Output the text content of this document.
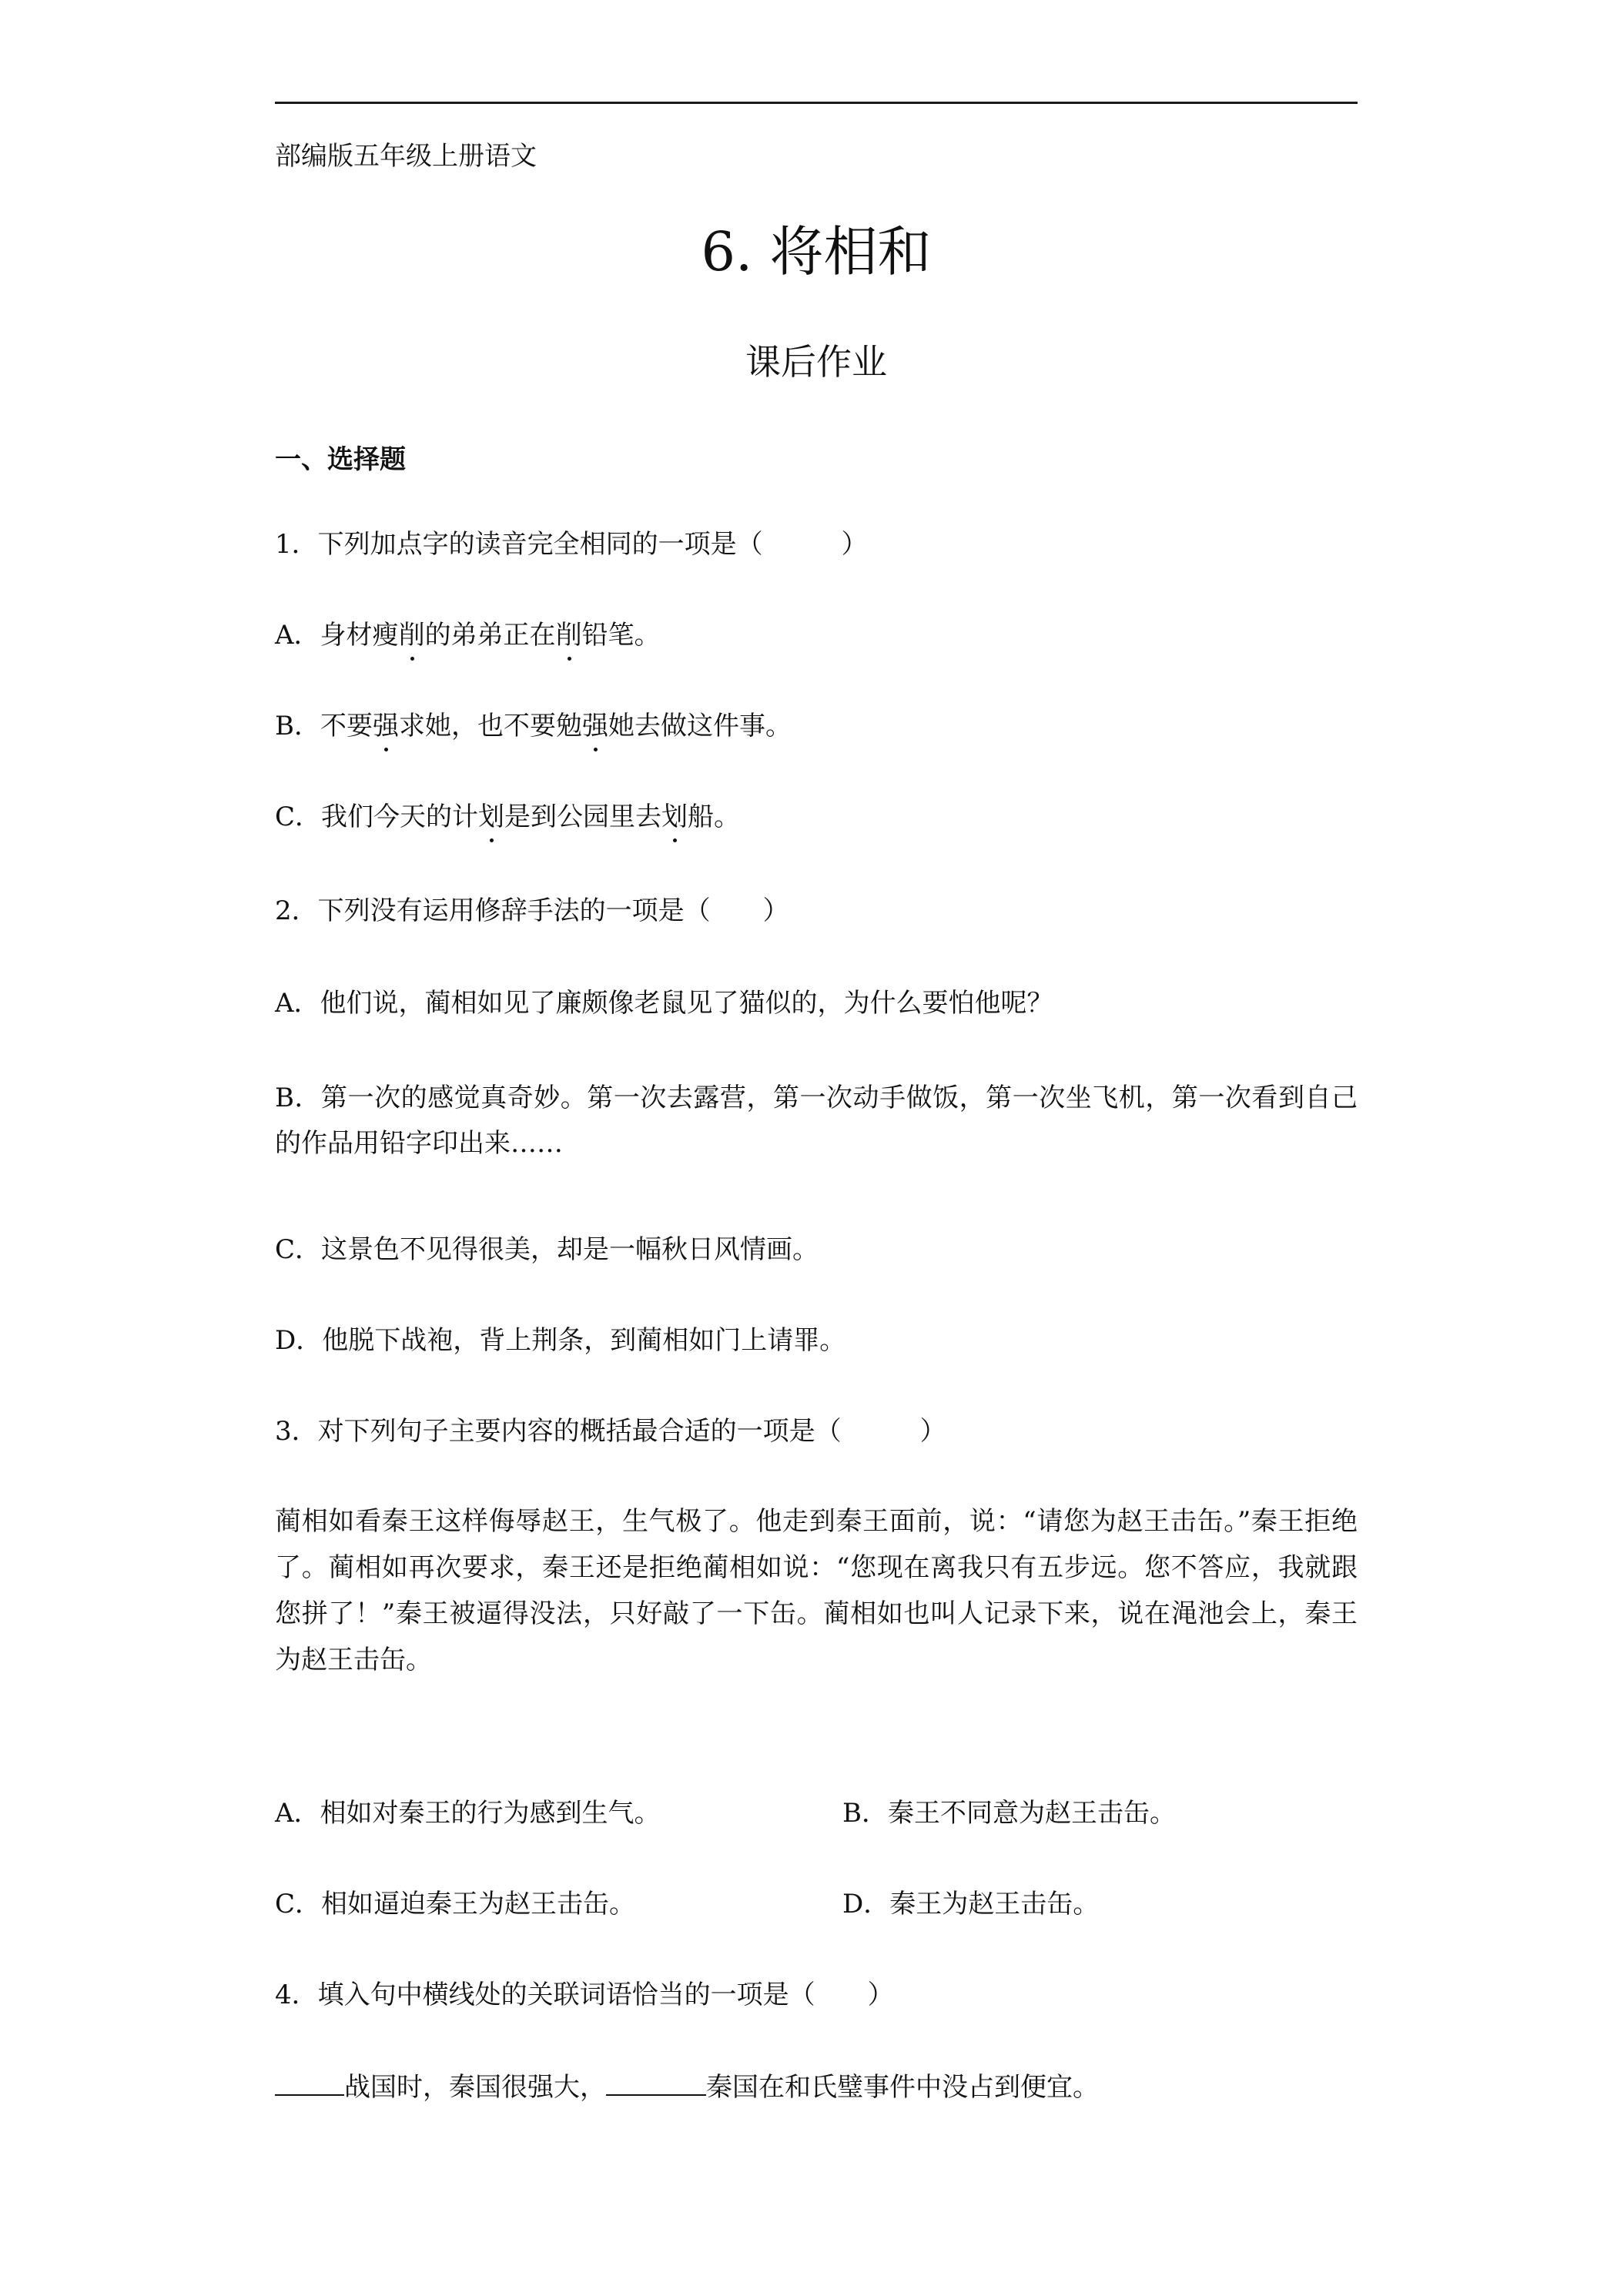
部编版五年级上册语文
6. 将相和
课后作业
一、选择题
1．下列加点字的读音完全相同的一项是（　　　）
A．身材瘦削的弟弟正在削铅笔。
B．不要强求她，也不要勉强她去做这件事。
C．我们今天的计划是到公园里去划船。
2．下列没有运用修辞手法的一项是（　　）
A．他们说，蔺相如见了廉颇像老鼠见了猫似的，为什么要怕他呢？
B．第一次的感觉真奇妙。第一次去露营，第一次动手做饭，第一次坐飞机，第一次看到自己的作品用铅字印出来……
C．这景色不见得很美，却是一幅秋日风情画。
D．他脱下战袍，背上荆条，到蔺相如门上请罪。
3．对下列句子主要内容的概括最合适的一项是（　　　）
蔺相如看秦王这样侮辱赵王，生气极了。他走到秦王面前，说：“请您为赵王击缶。”秦王拒绝了。蔺相如再次要求，秦王还是拒绝蔺相如说：“您现在离我只有五步远。您不答应，我就跟您拼了！”秦王被逼得没法，只好敲了一下缶。蔺相如也叫人记录下来，说在渑池会上，秦王为赵王击缶。
A．相如对秦王的行为感到生气。	B．秦王不同意为赵王击缶。
C．相如逼迫秦王为赵王击缶。	D．秦王为赵王击缶。
4．填入句中横线处的关联词语恰当的一项是（　　）
战国时，秦国很强大，	秦国在和氏璧事件中没占到便宜。
